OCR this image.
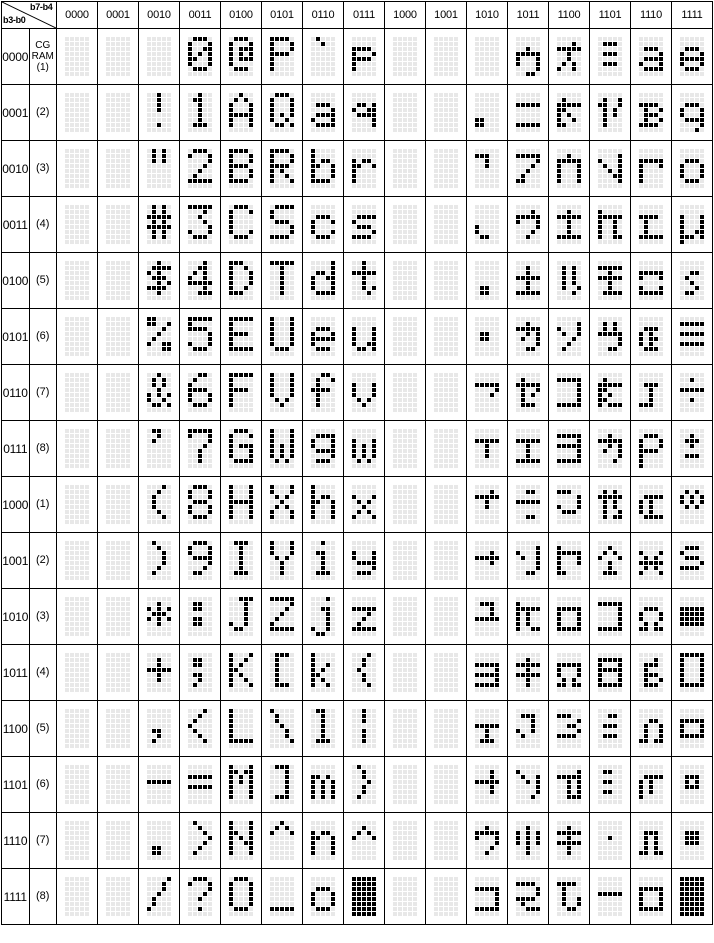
b7-b4
b3-b0		0000	0001	0010	0011	0100	0101	0110	0111	1000	1001	1010	1011	1100	1101	1110	1111
0000	CG
RAM
(1)																

0001	(2)	

0010	(3)	

0011	(4)	

0100	(5)	

0101	(6)	

0110	(7)	

0111	(8)	

1000	(1)	

1001	(2)	

1010	(3)	

1011	(4)	

1100	(5)	

1101	(6)	

1110	(7)	

1111	(8)	
